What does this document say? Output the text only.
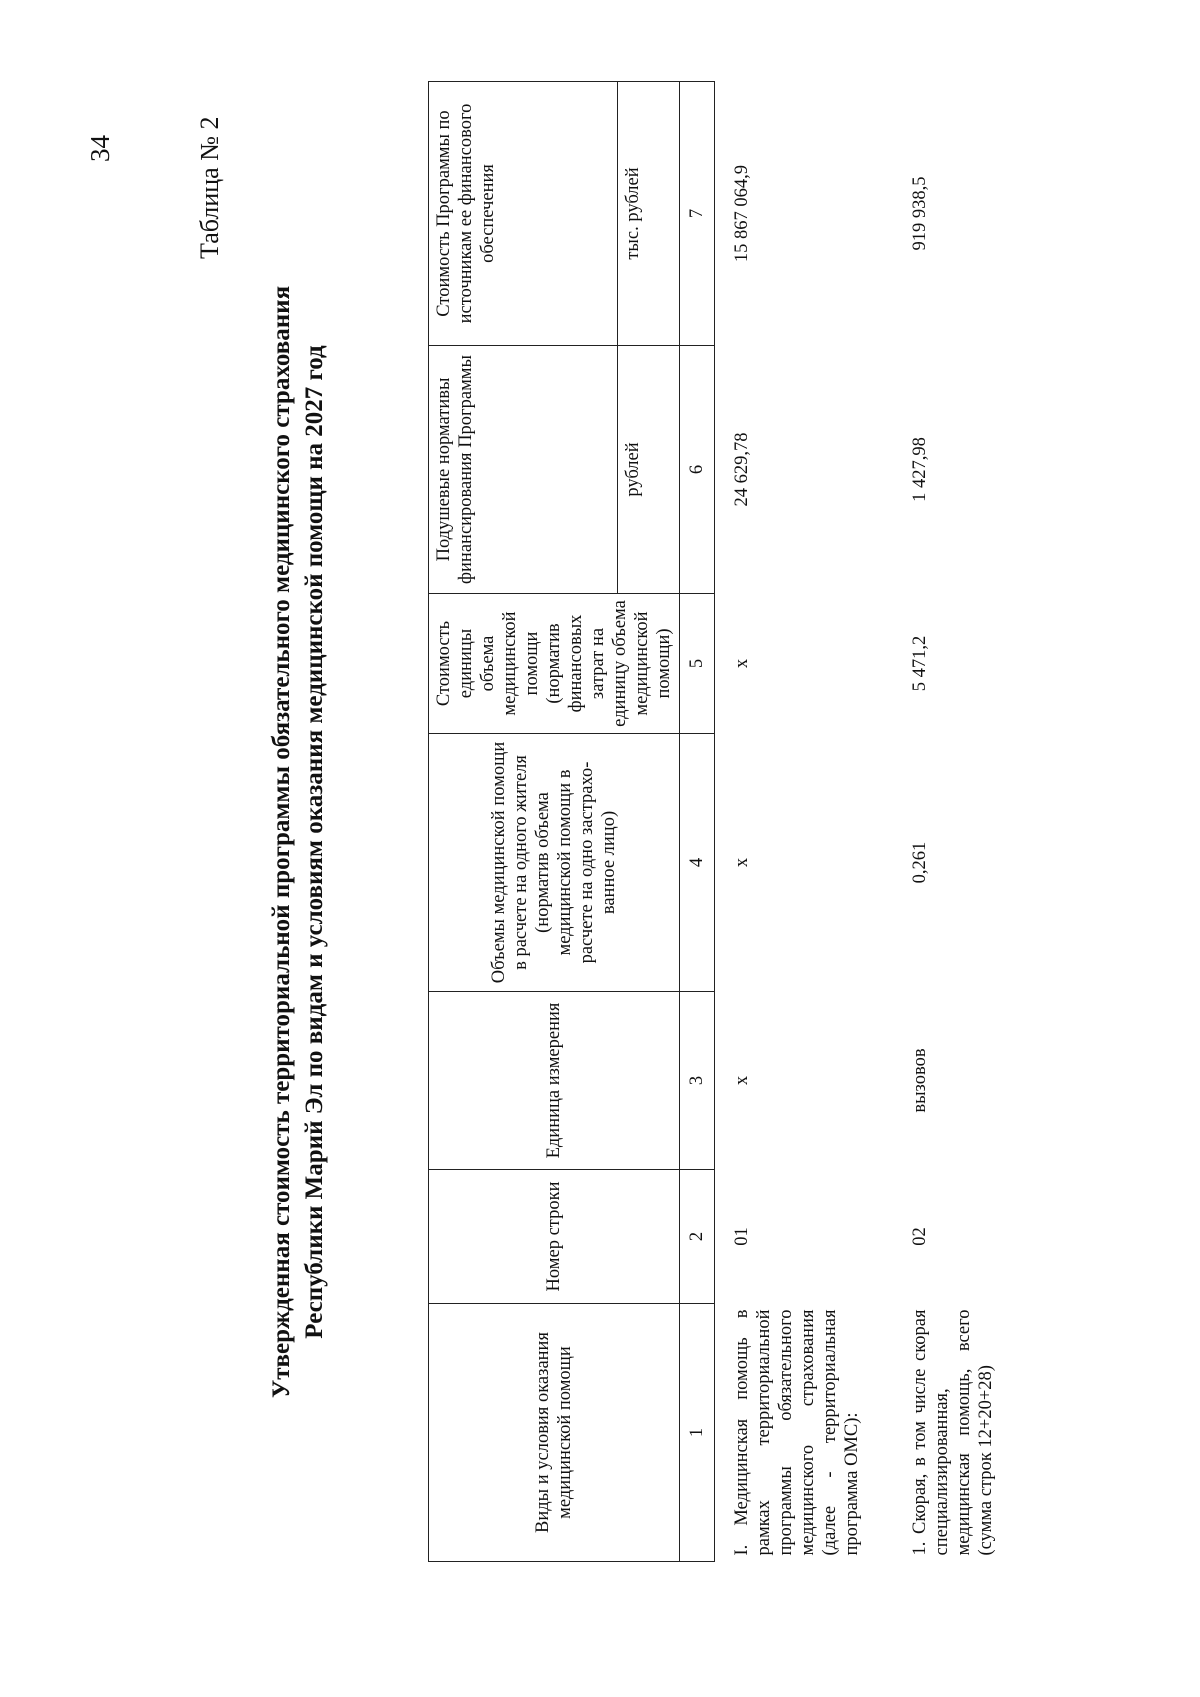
34	Таблица № 2
Утвержденная стоимость территориальной программы обязательного медицинского страхования Республики Марий Эл по видам и условиям оказания медицинской помощи на 2027 год
Виды и условия оказания медицинской помощи	Номер строки	Единица измерения	Объемы медицинской помощи в расчете на одного жителя (норматив объема медицинской помощи в расчете на одно застрахо-ванное лицо)	Стоимость единицы объема медицинской помощи (норматив финансовых затрат на единицу объема медицинской помощи)	Подушевые нормативы финансирования Программы	Стоимость Программы по источникам ее финансового обеспечения
					рублей	тыс. рублей
1	2	3	4	5	6	7
I. Медицинская помощь в рамках территориальной программы обязательного медицинского страхования (далее - территориальная программа ОМС):	01	х	х	х	24 629,78	15 867 064,9
1. Скорая, в том числе скорая специализированная, медицинская помощь, всего (сумма строк 12+20+28)	02	вызовов	0,261	5 471,2	1 427,98	919 938,5
